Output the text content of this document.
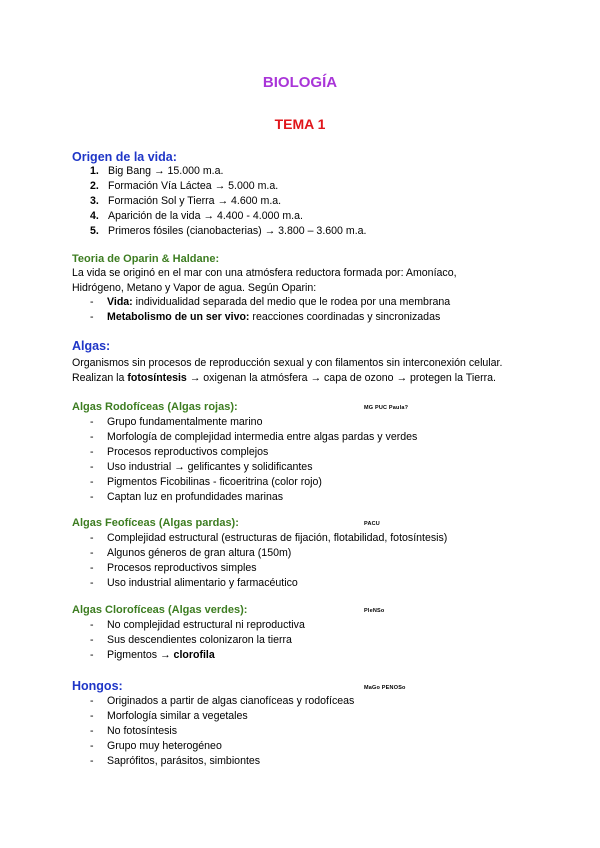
BIOLOGÍA
TEMA 1
Origen de la vida:
1. Big Bang → 15.000 m.a.
2. Formación Vía Láctea → 5.000 m.a.
3. Formación Sol y Tierra → 4.600 m.a.
4. Aparición de la vida → 4.400 - 4.000 m.a.
5. Primeros fósiles (cianobacterias) → 3.800 – 3.600 m.a.
Teoria de Oparin & Haldane:
La vida se originó en el mar con una atmósfera reductora formada por: Amoníaco,
Hidrógeno, Metano y Vapor de agua. Según Oparin:
- Vida: individualidad separada del medio que le rodea por una membrana
- Metabolismo de un ser vivo: reacciones coordinadas y sincronizadas
Algas:
Organismos sin procesos de reproducción sexual y con filamentos sin interconexión celular.
Realizan la fotosíntesis → oxigenan la atmósfera → capa de ozono → protegen la Tierra.
Algas Rodofíceas (Algas rojas):	MG PUC Paula?
- Grupo fundamentalmente marino
- Morfología de complejidad intermedia entre algas pardas y verdes
- Procesos reproductivos complejos
- Uso industrial → gelificantes y solidificantes
- Pigmentos Ficobilinas - ficoeritrina (color rojo)
- Captan luz en profundidades marinas
Algas Feofíceas (Algas pardas):	PACU
- Complejidad estructural (estructuras de fijación, flotabilidad, fotosíntesis)
- Algunos géneros de gran altura (150m)
- Procesos reproductivos simples
- Uso industrial alimentario y farmacéutico
Algas Clorofíceas (Algas verdes):	PleNSo
- No complejidad estructural ni reproductiva
- Sus descendientes colonizaron la tierra
- Pigmentos → clorofila
Hongos:	MaGo PENOSo
- Originados a partir de algas cianofíceas y rodofíceas
- Morfología similar a vegetales
- No fotosíntesis
- Grupo muy heterogéneo
- Saprófitos, parásitos, simbiontes
